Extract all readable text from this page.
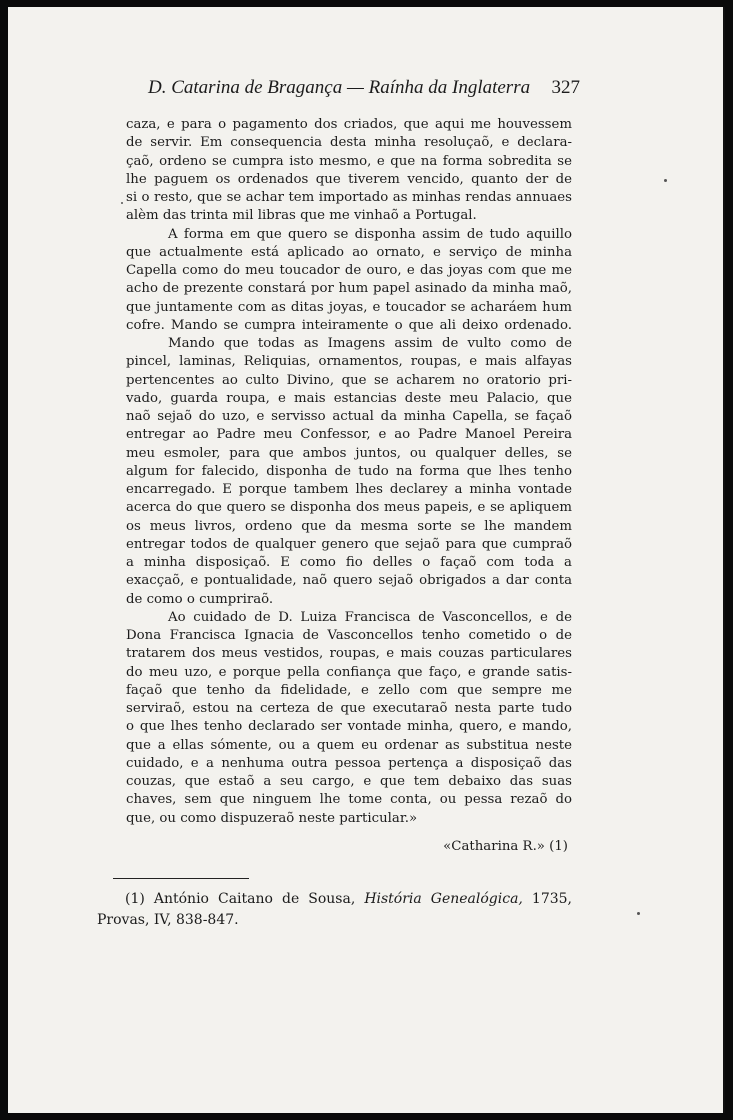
D. Catarina de Bragança — Raínha da Inglaterra 327
caza, e para o pagamento dos criados, que aqui me houvessem
de servir. Em consequencia desta minha resoluçaõ, e declara-
çaõ, ordeno se cumpra isto mesmo, e que na forma sobredita se
lhe paguem os ordenados que tiverem vencido, quanto der de
si o resto, que se achar tem importado as minhas rendas annuaes
alèm das trinta mil libras que me vinhaõ a Portugal.
A forma em que quero se disponha assim de tudo aquillo
que actualmente está aplicado ao ornato, e serviço de minha
Capella como do meu toucador de ouro, e das joyas com que me
acho de prezente constará por hum papel asinado da minha maõ,
que juntamente com as ditas joyas, e toucador se acharáem hum
cofre. Mando se cumpra inteiramente o que ali deixo ordenado.
Mando que todas as Imagens assim de vulto como de
pincel, laminas, Reliquias, ornamentos, roupas, e mais alfayas
pertencentes ao culto Divino, que se acharem no oratorio pri-
vado, guarda roupa, e mais estancias deste meu Palacio, que
naõ sejaõ do uzo, e servisso actual da minha Capella, se façaõ
entregar ao Padre meu Confessor, e ao Padre Manoel Pereira
meu esmoler, para que ambos juntos, ou qualquer delles, se
algum for falecido, disponha de tudo na forma que lhes tenho
encarregado. E porque tambem lhes declarey a minha vontade
acerca do que quero se disponha dos meus papeis, e se apliquem
os meus livros, ordeno que da mesma sorte se lhe mandem
entregar todos de qualquer genero que sejaõ para que cumpraõ
a minha disposiçaõ. E como fio delles o façaõ com toda a
exacçaõ, e pontualidade, naõ quero sejaõ obrigados a dar conta
de como o cumpriraõ.
Ao cuidado de D. Luiza Francisca de Vasconcellos, e de
Dona Francisca Ignacia de Vasconcellos tenho cometido o de
tratarem dos meus vestidos, roupas, e mais couzas particulares
do meu uzo, e porque pella confiança que faço, e grande satis-
façaõ que tenho da fidelidade, e zello com que sempre me
serviraõ, estou na certeza de que executaraõ nesta parte tudo
o que lhes tenho declarado ser vontade minha, quero, e mando,
que a ellas sómente, ou a quem eu ordenar as substitua neste
cuidado, e a nenhuma outra pessoa pertença a disposiçaõ das
couzas, que estaõ a seu cargo, e que tem debaixo das suas
chaves, sem que ninguem lhe tome conta, ou pessa rezaõ do
que, ou como dispuzeraõ neste particular.»
«Catharina R.» (1)
(1) António Caitano de Sousa, História Genealógica, 1735,
Provas, IV, 838-847.
